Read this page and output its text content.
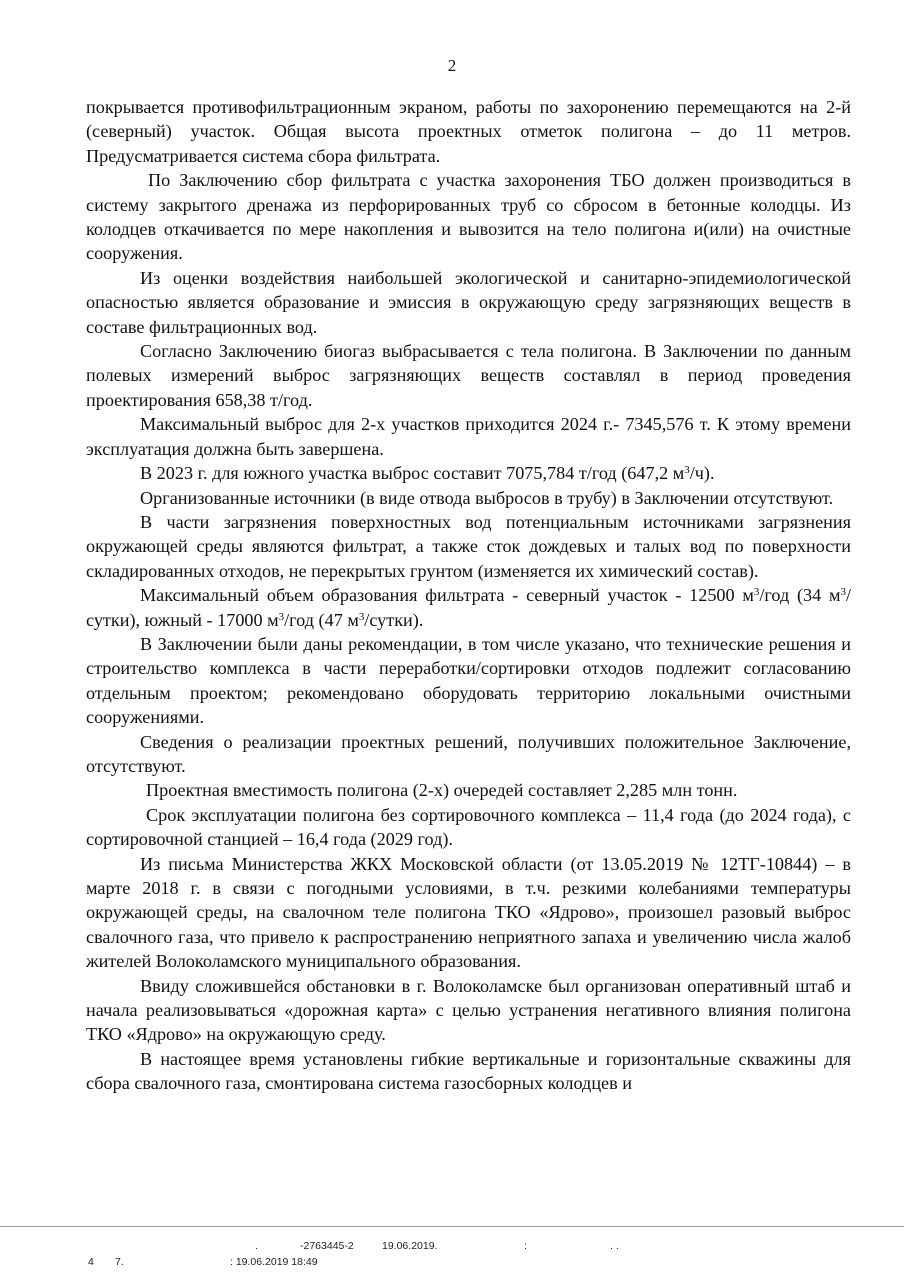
2

покрывается противофильтрационным экраном, работы по захоронению перемещаются на 2-й (северный) участок. Общая высота проектных отметок полигона – до 11 метров. Предусматривается система сбора фильтрата.

По Заключению сбор фильтрата с участка захоронения ТБО должен производиться в систему закрытого дренажа из перфорированных труб со сбросом в бетонные колодцы. Из колодцев откачивается по мере накопления и вывозится на тело полигона и(или) на очистные сооружения.

Из оценки воздействия наибольшей экологической и санитарно-эпидемиологической опасностью является образование и эмиссия в окружающую среду загрязняющих веществ в составе фильтрационных вод.

Согласно Заключению биогаз выбрасывается с тела полигона. В Заключении по данным полевых измерений выброс загрязняющих веществ составлял в период проведения проектирования 658,38 т/год.

Максимальный выброс для 2-х участков приходится 2024 г.- 7345,576 т. К этому времени эксплуатация должна быть завершена.

В 2023 г. для южного участка выброс составит 7075,784 т/год (647,2 $м^3/ч$).

Организованные источники (в виде отвода выбросов в трубу) в Заключении отсутствуют.

В части загрязнения поверхностных вод потенциальным источниками загрязнения окружающей среды являются фильтрат, а также сток дождевых и талых вод по поверхности складированных отходов, не перекрытых грунтом (изменяется их химический состав).

Максимальный объем образования фильтрата - северный участок - 12500 $м^3$/год (34 $м^3/сутки$), южный - 17000 $м^3$/год (47 $м^3/сутки$).

В Заключении были даны рекомендации, в том числе указано, что технические решения и строительство комплекса в части переработки/сортировки отходов подлежит согласованию отдельным проектом; рекомендовано оборудовать территорию локальными очистными сооружениями.

Сведения о реализации проектных решений, получивших положительное Заключение, отсутствуют.

Проектная вместимость полигона (2-х) очередей составляет 2,285 млн тонн.

Срок эксплуатации полигона без сортировочного комплекса – 11,4 года (до 2024 года), с сортировочной станцией – 16,4 года (2029 год).

Из письма Министерства ЖКХ Московской области (от 13.05.2019 № 12ТГ-10844) – в марте 2018 г. в связи с погодными условиями, в т.ч. резкими колебаниями температуры окружающей среды, на свалочном теле полигона ТКО «Ядрово», произошел разовый выброс свалочного газа, что привело к распространению неприятного запаха и увеличению числа жалоб жителей Волоколамского муниципального образования.

Ввиду сложившейся обстановки в г. Волоколамске был организован оперативный штаб и начала реализовываться «дорожная карта» с целью устранения негативного влияния полигона ТКО «Ядрово» на окружающую среду.

В настоящее время установлены гибкие вертикальные и горизонтальные скважины для сбора свалочного газа, смонтирована система газосборных колодцев и

.	-2763445-2	19.06.2019.	:	. .
4 7.	: 19.06.2019 18:49
